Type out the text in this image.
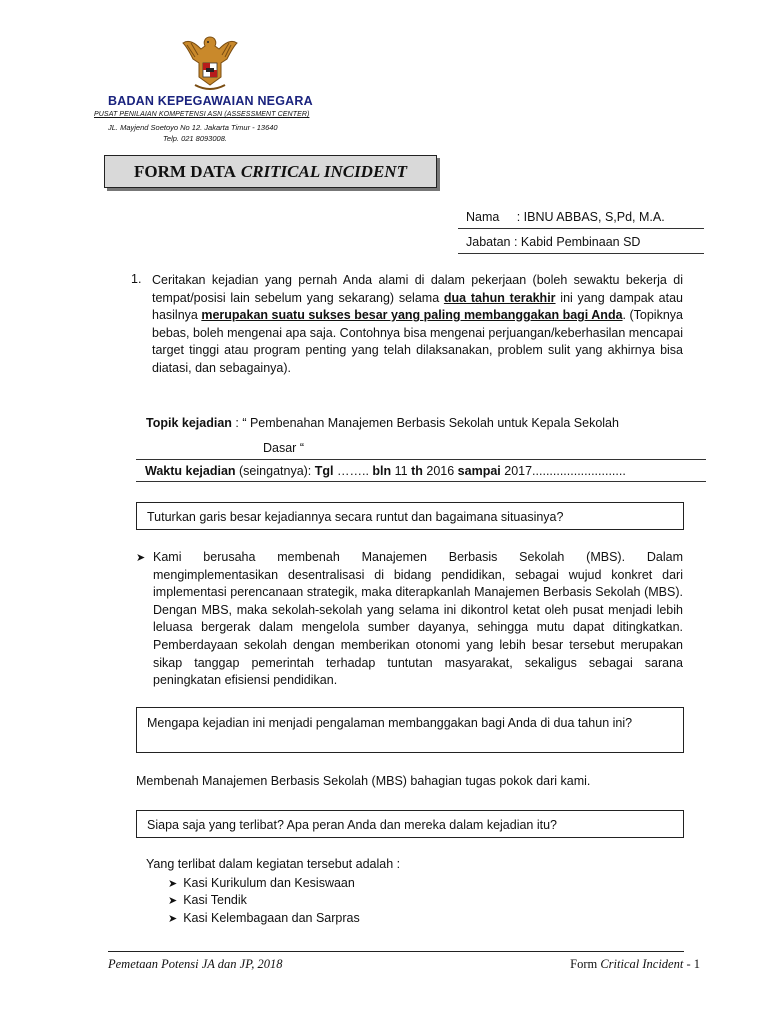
BADAN KEPEGAWAIAN NEGARA
PUSAT PENILAIAN KOMPETENSI ASN (ASSESSMENT CENTER)
JL. Mayjend Soetoyo No 12. Jakarta Timur - 13640
Telp. 021 8093008.
FORM DATA CRITICAL INCIDENT
Nama : IBNU ABBAS, S,Pd, M.A.
Jabatan : Kabid Pembinaan SD
1. Ceritakan kejadian yang pernah Anda alami di dalam pekerjaan (boleh sewaktu bekerja di tempat/posisi lain sebelum yang sekarang) selama dua tahun terakhir ini yang dampak atau hasilnya merupakan suatu sukses besar yang paling membanggakan bagi Anda. (Topiknya bebas, boleh mengenai apa saja. Contohnya bisa mengenai perjuangan/keberhasilan mencapai target tinggi atau program penting yang telah dilaksanakan, problem sulit yang akhirnya bisa diatasi, dan sebagainya).
Topik kejadian : “ Pembenahan Manajemen Berbasis Sekolah untuk Kepala Sekolah
Dasar “
Waktu kejadian (seingatnya): Tgl …….. bln 11 th 2016 sampai 2017...........................
Tuturkan garis besar kejadiannya secara runtut dan bagaimana situasinya?
➤ Kami berusaha membenah Manajemen Berbasis Sekolah (MBS). Dalam mengimplementasikan desentralisasi di bidang pendidikan, sebagai wujud konkret dari implementasi perencanaan strategik, maka diterapkanlah Manajemen Berbasis Sekolah (MBS). Dengan MBS, maka sekolah-sekolah yang selama ini dikontrol ketat oleh pusat menjadi lebih leluasa bergerak dalam mengelola sumber dayanya, sehingga mutu dapat ditingkatkan. Pemberdayaan sekolah dengan memberikan otonomi yang lebih besar tersebut merupakan sikap tanggap pemerintah terhadap tuntutan masyarakat, sekaligus sebagai sarana peningkatan efisiensi pendidikan.
Mengapa kejadian ini menjadi pengalaman membanggakan bagi Anda di dua tahun ini?
Membenah Manajemen Berbasis Sekolah (MBS) bahagian tugas pokok dari kami.
Siapa saja yang terlibat? Apa peran Anda dan mereka dalam kejadian itu?
Yang terlibat dalam kegiatan tersebut adalah :
➤ Kasi Kurikulum dan Kesiswaan
➤ Kasi Tendik
➤ Kasi Kelembagaan dan Sarpras
Pemetaan Potensi JA dan JP, 2018	Form Critical Incident - 1
